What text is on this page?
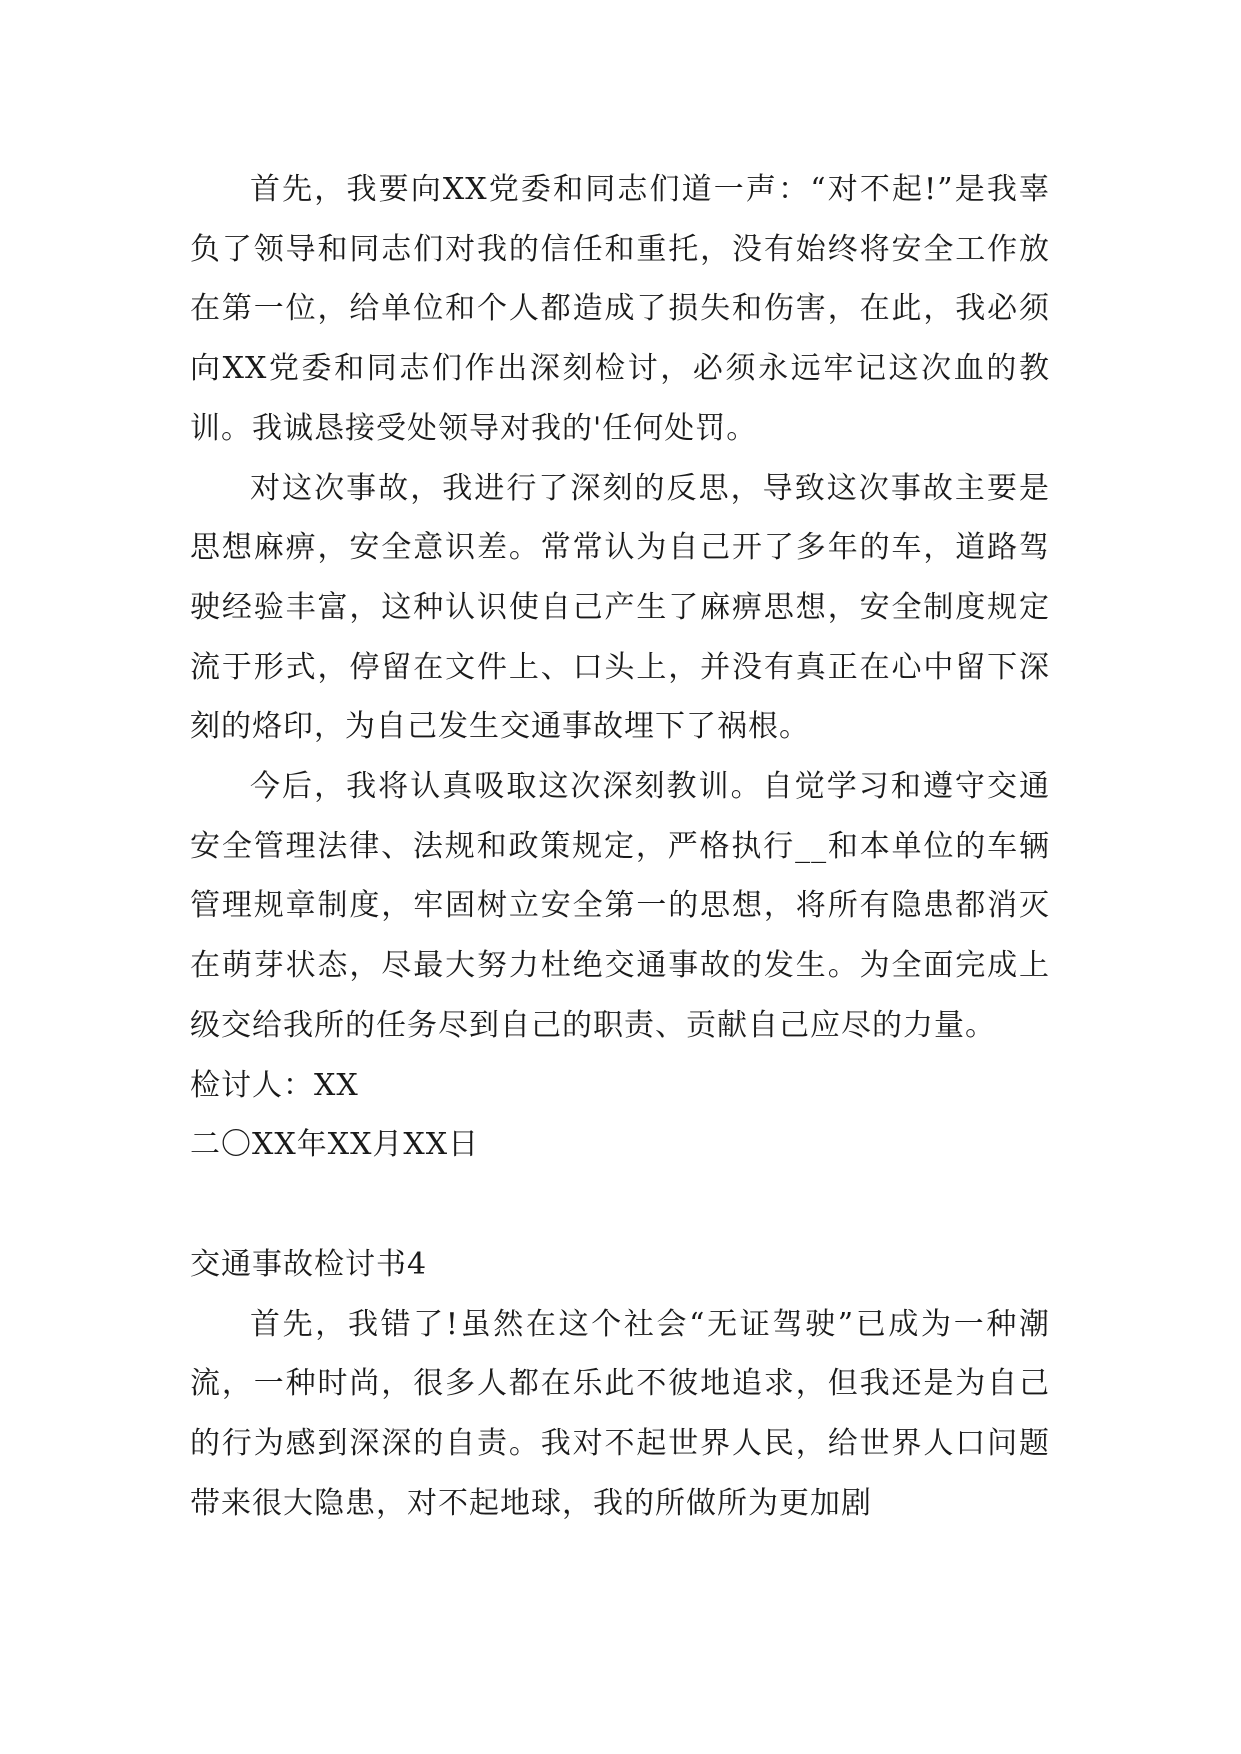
首先，我要向XX党委和同志们道一声：“对不起!”是我辜负了领导和同志们对我的信任和重托，没有始终将安全工作放在第一位，给单位和个人都造成了损失和伤害，在此，我必须向XX党委和同志们作出深刻检讨，必须永远牢记这次血的教训。我诚恳接受处领导对我的'任何处罚。

对这次事故，我进行了深刻的反思，导致这次事故主要是思想麻痹，安全意识差。常常认为自己开了多年的车，道路驾驶经验丰富，这种认识使自己产生了麻痹思想，安全制度规定流于形式，停留在文件上、口头上，并没有真正在心中留下深刻的烙印，为自己发生交通事故埋下了祸根。

今后，我将认真吸取这次深刻教训。自觉学习和遵守交通安全管理法律、法规和政策规定，严格执行__和本单位的车辆管理规章制度，牢固树立安全第一的思想，将所有隐患都消灭在萌芽状态，尽最大努力杜绝交通事故的发生。为全面完成上级交给我所的任务尽到自己的职责、贡献自己应尽的力量。

检讨人：XX

二〇XX年XX月XX日

交通事故检讨书4

首先，我错了!虽然在这个社会“无证驾驶”已成为一种潮流，一种时尚，很多人都在乐此不彼地追求，但我还是为自己的行为感到深深的自责。我对不起世界人民，给世界人口问题带来很大隐患，对不起地球，我的所做所为更加剧
